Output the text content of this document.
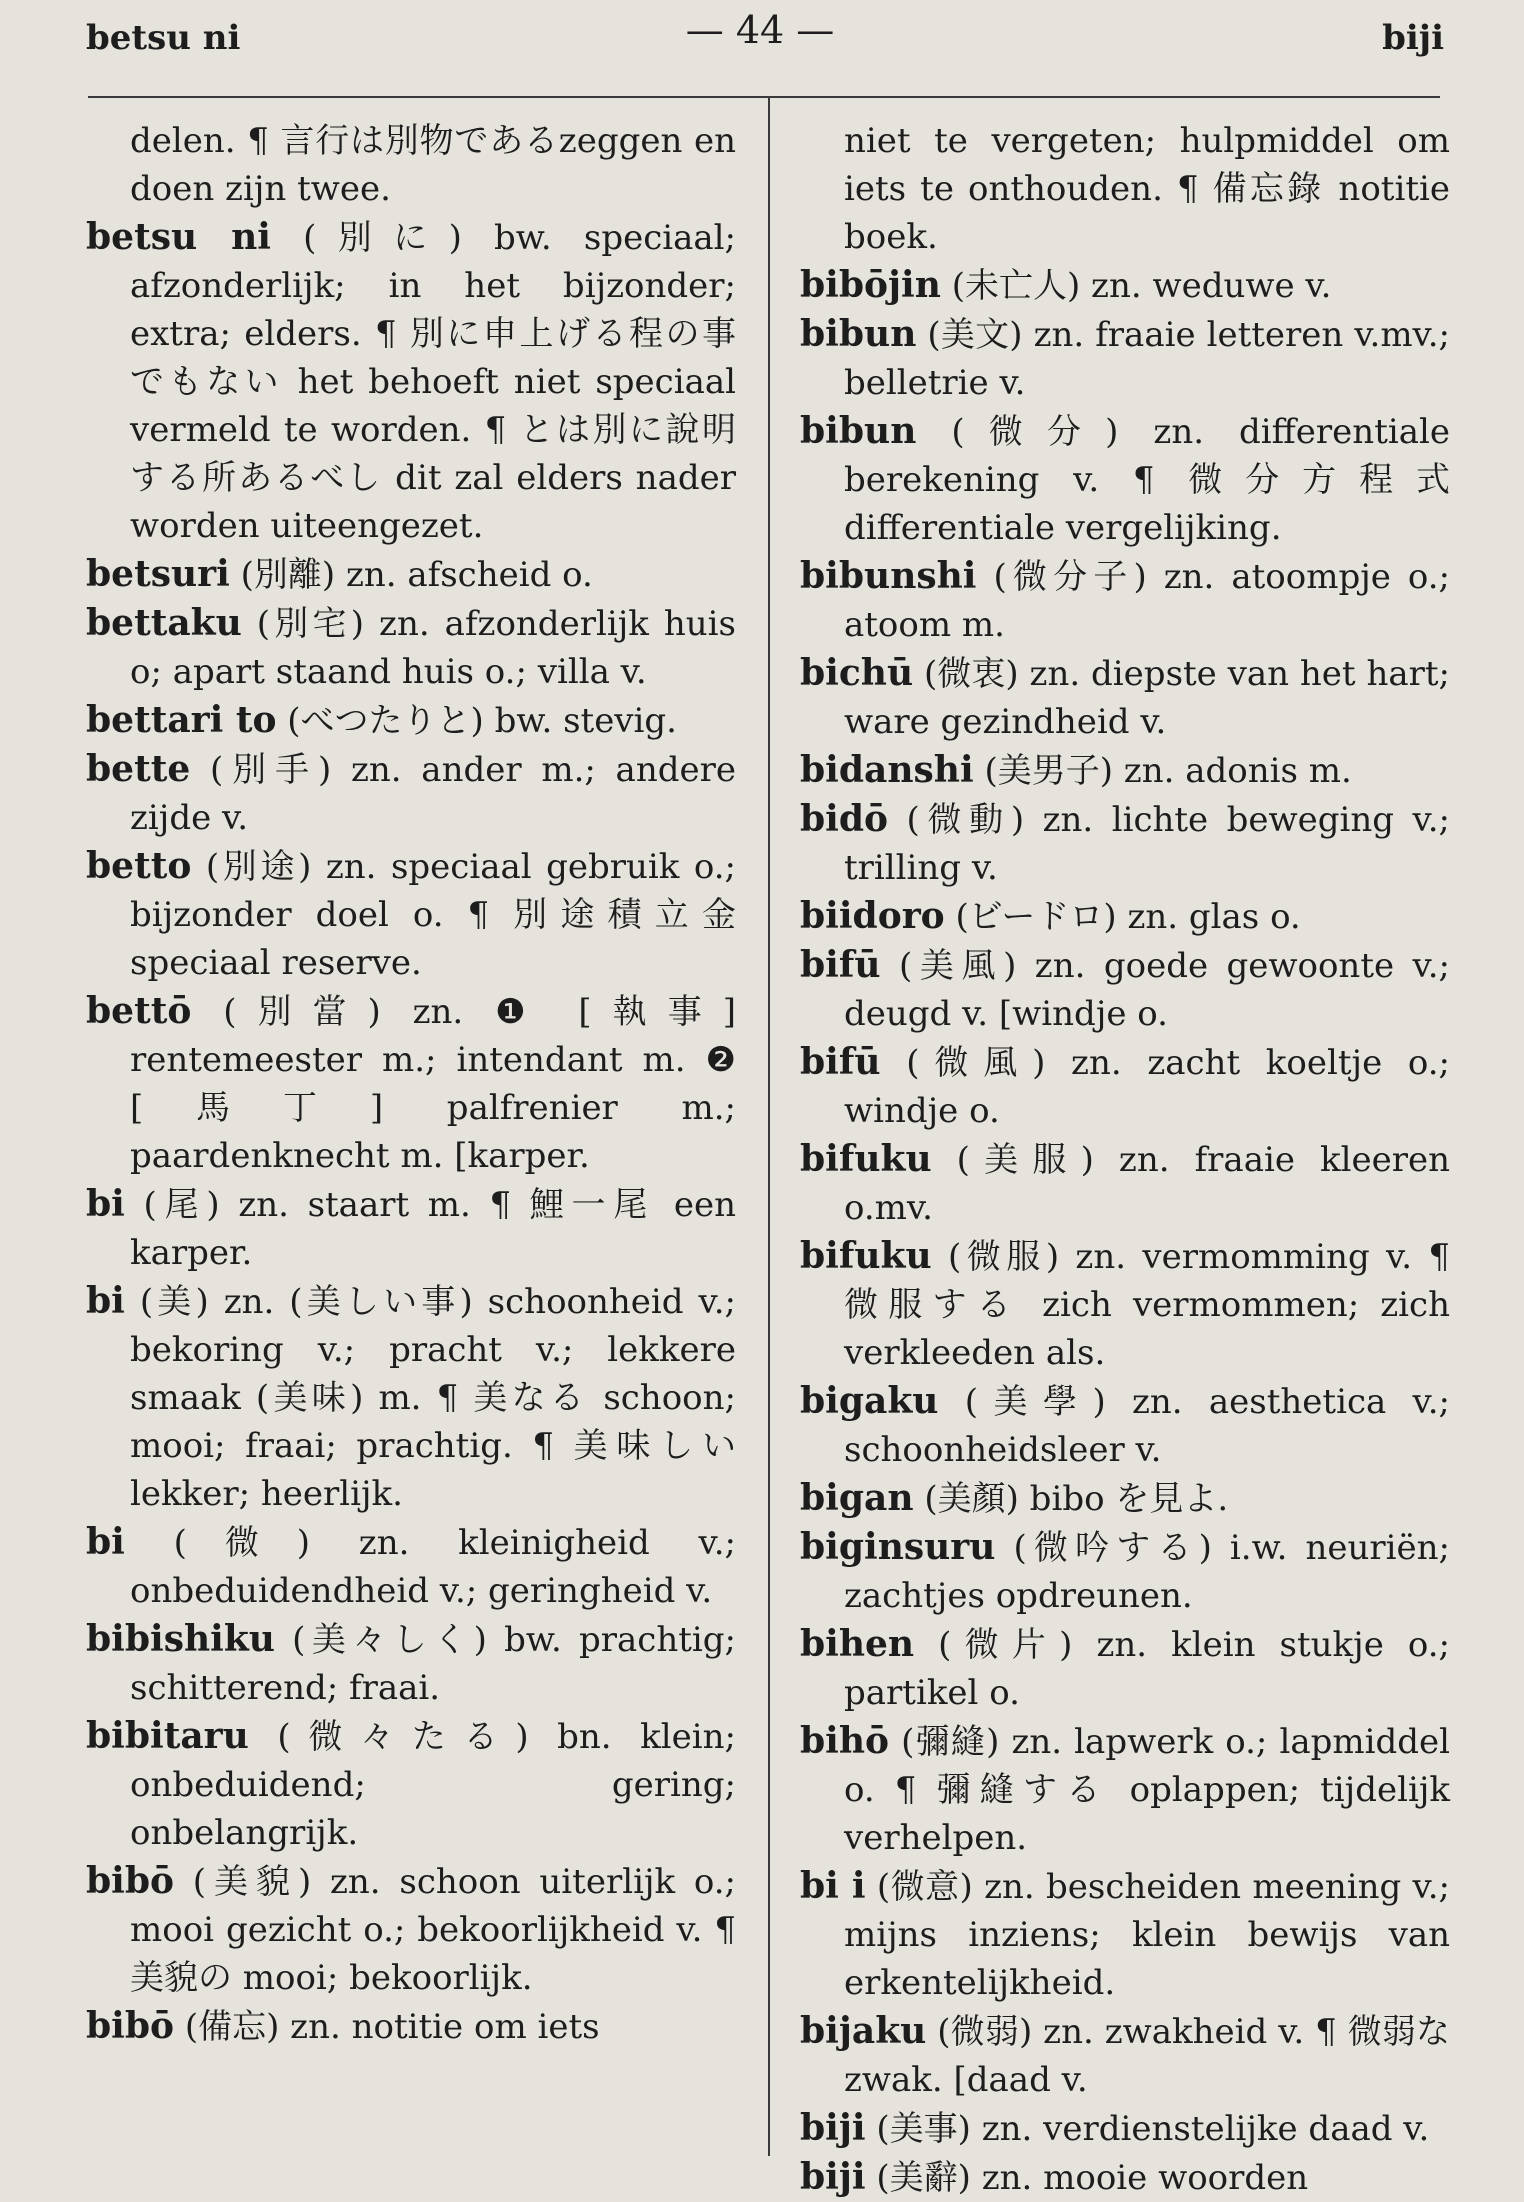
betsu ni	— 44 —	biji

delen. ¶ 言行は別物であるzeggen en doen zijn twee.

betsu ni (別に) bw. speciaal; afzonderlijk; in het bijzonder; extra; elders. ¶ 別に申上げる程の事でもない het behoeft niet speciaal vermeld te worden. ¶ とは別に說明する所あるべし dit zal elders nader worden uiteengezet.

betsuri (別離) zn. afscheid o.

bettaku (別宅) zn. afzonderlijk huis o; apart staand huis o.; villa v.

bettari to (べつたりと) bw. stevig.

bette (別手) zn. ander m.; andere zijde v.

betto (別途) zn. speciaal gebruik o.; bijzonder doel o. ¶ 別途積立金 speciaal reserve.

bettō (別當) zn. ❶ [執事] rentemeester m.; intendant m. ❷ [馬丁] palfrenier m.; paardenknecht m. [karper.

bi (尾) zn. staart m. ¶ 鯉一尾 een karper.

bi (美) zn. (美しい事) schoonheid v.; bekoring v.; pracht v.; lekkere smaak (美味) m. ¶ 美なる schoon; mooi; fraai; prachtig. ¶ 美味しい lekker; heerlijk.

bi (微) zn. kleinigheid v.; onbeduidendheid v.; geringheid v.

bibishiku (美々しく) bw. prachtig; schitterend; fraai.

bibitaru (微々たる) bn. klein; onbeduidend; gering; onbelangrijk.

bibō (美貌) zn. schoon uiterlijk o.; mooi gezicht o.; bekoorlijkheid v. ¶ 美貌の mooi; bekoorlijk.

bibō (備忘) zn. notitie om iets

niet te vergeten; hulpmiddel om iets te onthouden. ¶ 備忘錄 notitie boek.

bibōjin (未亡人) zn. weduwe v.

bibun (美文) zn. fraaie letteren v.mv.; belletrie v.

bibun (微分) zn. differentiale berekening v. ¶ 微分方程式 differentiale vergelijking.

bibunshi (微分子) zn. atoompje o.; atoom m.

bichū (微衷) zn. diepste van het hart; ware gezindheid v.

bidanshi (美男子) zn. adonis m.

bidō (微動) zn. lichte beweging v.; trilling v.

biidoro (ビードロ) zn. glas o.

bifū (美風) zn. goede gewoonte v.; deugd v. [windje o.

bifū (微風) zn. zacht koeltje o.; windje o.

bifuku (美服) zn. fraaie kleeren o.mv.

bifuku (微服) zn. vermomming v. ¶ 微服する zich vermommen; zich verkleeden als.

bigaku (美學) zn. aesthetica v.; schoonheidsleer v.

bigan (美顏) bibo を見よ.

biginsuru (微吟する) i.w. neuriën; zachtjes opdreunen.

bihen (微片) zn. klein stukje o.; partikel o.

bihō (彌縫) zn. lapwerk o.; lapmiddel o. ¶ 彌縫する oplappen; tijdelijk verhelpen.

bi i (微意) zn. bescheiden meening v.; mijns inziens; klein bewijs van erkentelijkheid.

bijaku (微弱) zn. zwakheid v. ¶ 微弱な zwak. [daad v.

biji (美事) zn. verdienstelijke daad v.

biji (美辭) zn. mooie woorden
